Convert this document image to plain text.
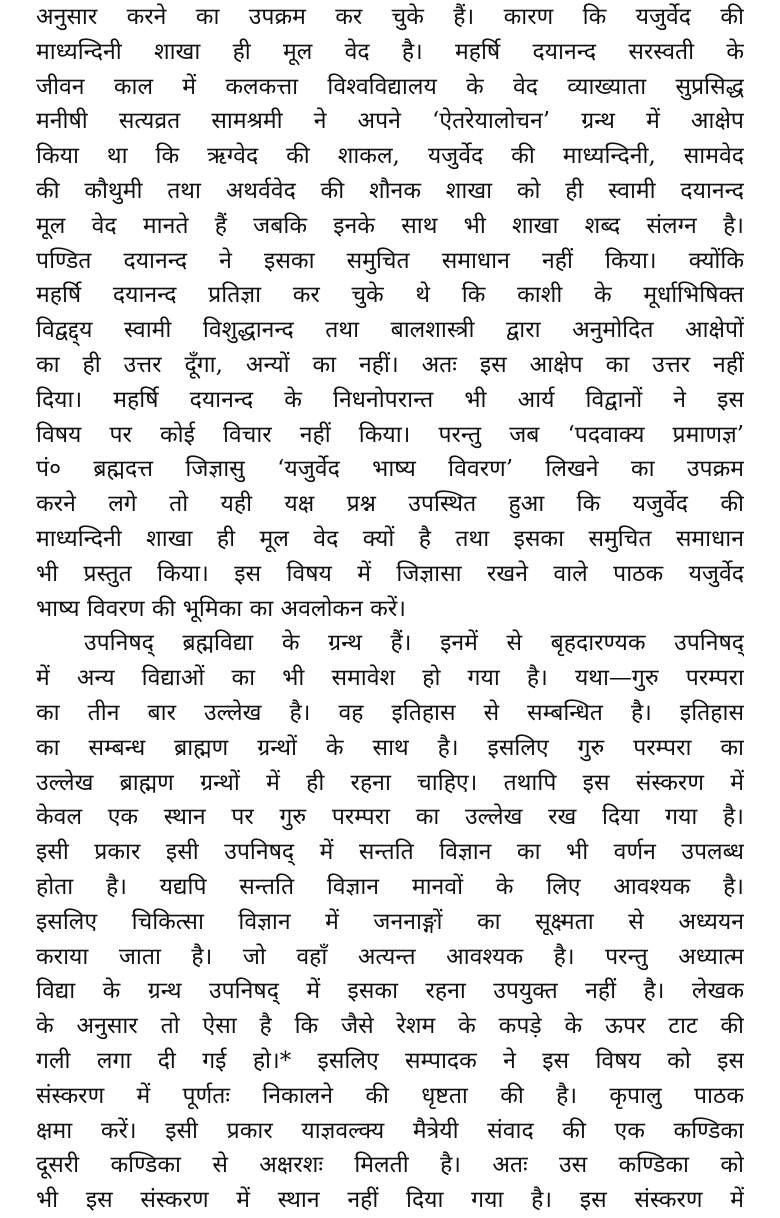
अनुसार करने का उपक्रम कर चुके हैं। कारण कि यजुर्वेद की
माध्यन्दिनी शाखा ही मूल वेद है। महर्षि दयानन्द सरस्वती के
जीवन काल में कलकत्ता विश्वविद्यालय के वेद व्याख्याता सुप्रसिद्ध
मनीषी सत्यव्रत सामश्रमी ने अपने ‘ऐतरेयालोचन’ ग्रन्थ में आक्षेप
किया था कि ऋग्वेद की शाकल, यजुर्वेद की माध्यन्दिनी, सामवेद
की कौथुमी तथा अथर्ववेद की शौनक शाखा को ही स्वामी दयानन्द
मूल वेद मानते हैं जबकि इनके साथ भी शाखा शब्द संलग्न है।
पण्डित दयानन्द ने इसका समुचित समाधान नहीं किया। क्योंकि
महर्षि दयानन्द प्रतिज्ञा कर चुके थे कि काशी के मूर्धाभिषिक्त
विद्वद्द्‌य स्वामी विशुद्धानन्द तथा बालशास्त्री द्वारा अनुमोदित आक्षेपों
का ही उत्तर दूँगा, अन्यों का नहीं। अतः इस आक्षेप का उत्तर नहीं
दिया। महर्षि दयानन्द के निधनोपरान्त भी आर्य विद्वानों ने इस
विषय पर कोई विचार नहीं किया। परन्तु जब ‘पदवाक्य प्रमाणज्ञ’
पं० ब्रह्मदत्त जिज्ञासु ‘यजुर्वेद भाष्य विवरण’ लिखने का उपक्रम
करने लगे तो यही यक्ष प्रश्न उपस्थित हुआ कि यजुर्वेद की
माध्यन्दिनी शाखा ही मूल वेद क्यों है तथा इसका समुचित समाधान
भी प्रस्तुत किया। इस विषय में जिज्ञासा रखने वाले पाठक यजुर्वेद
भाष्य विवरण की भूमिका का अवलोकन करें।
उपनिषद् ब्रह्मविद्या के ग्रन्थ हैं। इनमें से बृहदारण्यक उपनिषद्
में अन्य विद्याओं का भी समावेश हो गया है। यथा—गुरु परम्परा
का तीन बार उल्लेख है। वह इतिहास से सम्बन्धित है। इतिहास
का सम्बन्ध ब्राह्मण ग्रन्थों के साथ है। इसलिए गुरु परम्परा का
उल्लेख ब्राह्मण ग्रन्थों में ही रहना चाहिए। तथापि इस संस्करण में
केवल एक स्थान पर गुरु परम्परा का उल्लेख रख दिया गया है।
इसी प्रकार इसी उपनिषद् में सन्तति विज्ञान का भी वर्णन उपलब्ध
होता है। यद्यपि सन्तति विज्ञान मानवों के लिए आवश्यक है।
इसलिए चिकित्सा विज्ञान में जननाङ्गों का सूक्ष्मता से अध्ययन
कराया जाता है। जो वहाँ अत्यन्त आवश्यक है। परन्तु अध्यात्म
विद्या के ग्रन्थ उपनिषद् में इसका रहना उपयुक्त नहीं है। लेखक
के अनुसार तो ऐसा है कि जैसे रेशम के कपड़े के ऊपर टाट की
गली लगा दी गई हो।* इसलिए सम्पादक ने इस विषय को इस
संस्करण में पूर्णतः निकालने की धृष्टता की है। कृपालु पाठक
क्षमा करें। इसी प्रकार याज्ञवल्क्य मैत्रेयी संवाद की एक कण्डिका
दूसरी कण्डिका से अक्षरशः मिलती है। अतः उस कण्डिका को
भी इस संस्करण में स्थान नहीं दिया गया है। इस संस्करण में
